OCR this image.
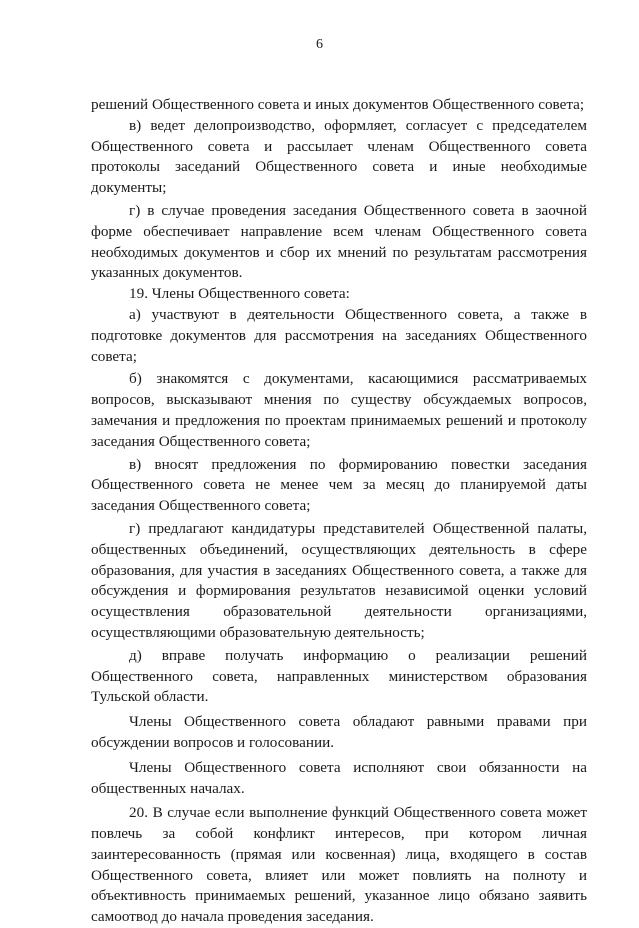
6

решений Общественного совета и иных документов Общественного совета;

в) ведет делопроизводство, оформляет, согласует с председателем Общественного совета и рассылает членам Общественного совета протоколы заседаний Общественного совета и иные необходимые документы;

г) в случае проведения заседания Общественного совета в заочной форме обеспечивает направление всем членам Общественного совета необходимых документов и сбор их мнений по результатам рассмотрения указанных документов.

19. Члены Общественного совета:

а) участвуют в деятельности Общественного совета, а также в подготовке документов для рассмотрения на заседаниях Общественного совета;

б) знакомятся с документами, касающимися рассматриваемых вопросов, высказывают мнения по существу обсуждаемых вопросов, замечания и предложения по проектам принимаемых решений и протоколу заседания Общественного совета;

в) вносят предложения по формированию повестки заседания Общественного совета не менее чем за месяц до планируемой даты заседания Общественного совета;

г) предлагают кандидатуры представителей Общественной палаты, общественных объединений, осуществляющих деятельность в сфере образования, для участия в заседаниях Общественного совета, а также для обсуждения и формирования результатов независимой оценки условий осуществления образовательной деятельности организациями, осуществляющими образовательную деятельность;

д) вправе получать информацию о реализации решений Общественного совета, направленных министерством образования Тульской области.

Члены Общественного совета обладают равными правами при обсуждении вопросов и голосовании.

Члены Общественного совета исполняют свои обязанности на общественных началах.

20. В случае если выполнение функций Общественного совета может повлечь за собой конфликт интересов, при котором личная заинтересованность (прямая или косвенная) лица, входящего в состав Общественного совета, влияет или может повлиять на полноту и объективность принимаемых решений, указанное лицо обязано заявить самоотвод до начала проведения заседания.
